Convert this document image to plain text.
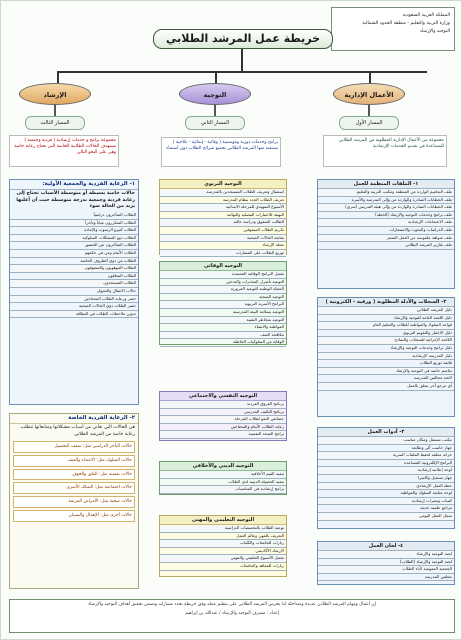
المملكة العربية السعودية
وزارة التربية والتعليم - منطقة الحدود الشمالية
التوجيه والإرشاد
خريطة عمل المرشد الطلابي
الإرشاد	التوجيه	الأعمال الإدارية
المسار الثالث	المسار الثاني	المسار الأول
مجموعة برامج و خدمات إرشادية ( فردية وجمعية ) تستهدف الحالات الطلابية الخاصة التي تحتاج رعاية خاصة وهي على النحو التالي
برامج وخدمات دورية وموسمية ( وقائية - إنمائية - علاجية ) يستفيد منها المرشد الطلابي بجميع شرائح الطلاب دون استثناء
مجموعة من الأعمال الإدارية المطلوبة من المرشد الطلابي للمساعدة في تقديم الخدمات الإرشادية
١- الملفات المنظمة للعمل
ملف التعاميم الواردة من المنطقة ومكتب التربية والتعليم
ملف الخطابات الصادرة والواردة من وإلى المدرسة والأسرة
ملف الخطابات الصادرة والواردة من وإلى هيئة التدريس (سري)
ملف برامج وخدمات التوجيه والإرشاد (الخطة)
ملف الاجتماعات الإرشادية
ملف الدراسات والبحوث والاستمارات
ملف شواهد ملموسة عن العمل المنجز
ملف تقارير المرشد الطلابي
٢- السجلات والأدلة المطلوبة ( ورقية - الكترونية )
دليل المرشد الطلابي
دليل اللجنة العامة للتوجيه والإرشاد
قواعد السلوك والمواظبة للطلاب والتعليم العام
دليل الاختبار والتقويم التربوي
اللائحة الإجرائية للسجلات والنماذج
دليل برامج وخدمات التوجيه والإرشاد
دليل المدرسة الإرشادية
قائمة توزيع الطلاب
تعاميم خاصة في التوجيه والإرشاد
لائحة مجالس المدرسة
أي مرجع آخر يتعلق بالعمل
٣- أدوات العمل
مكتب مستقل ومكان مناسب
جهاز حاسب آلي وطابعة
خزانة مغلقة لحفظ الملفات السرية
البرامج الإلكترونية المساعدة
لوحة إعلانية إرشادية
جهاز تسجيل وكاميرا
خطة العمل الإرشادي
لوحة متابعة السلوك والمواظبة
كتيبات ونشرات إرشادية
مراجع علمية حديثة
سجل العمل اليومي
٤- لجان العمل
لجنة التوجيه والإرشاد
لجنة التوجيه والإرشاد (الطلاب)
الجمعية العمومية لآباء الطلاب
مجلس المدرسة
التوجيه التربوي
استقبال وتعريف الطلاب المستجدين بالمدرسة
تعريف الطلاب الجدد بنظام المدرسة
الأسبوع التمهيدي للمرحلة الابتدائية
التهيئة للاختبارات الفصلية والنهائية
الطالب المتفوق ودراسة حالته
تكريم الطلاب المتفوقين
متابعة الحالات الصحية
مجلة الإرشاد
توزيع الطلاب على المسارات
التوجيه الوقائي
تفعيل البرامج الوقائية المعتمدة
التوعية بأضرار المخدرات والتدخين
الحملة الوطنية للتوعية المرورية
التوعية الصحية
البرامج الأسرية التربوية
التوعية بسلامة البيئة المدرسية
التوعية بمخاطر التقنية
المواطنة والانتماء
مكافحة العنف
الوقاية من السلوكيات الخاطئة
التوجيه النفسي والاجتماعي
برنامج الفروق الفردية
برنامج التكيف المدرسي
خصائص النمو لطلاب المرحلة
رعاية الطلاب الأيتام والمحتاجين
برامج الصحة النفسية
التوجيه الديني والأخلاقي
تنمية القيم الأخلاقية
تنمية الحصيلة الدينية لدى الطلاب
برامج إرشادية في المناسبات
التوجيه التعليمي والمهني
توعية الطلاب بالتخصصات الدراسية
التعريف بالمهن وعالم العمل
زيارات للجامعات والكليات
الإرشاد الأكاديمي
تفعيل الأسبوع التعليمي والمهني
زيارات للمعاهد والجامعات
١- الرعاية الفردية والجمعية الأولية:
حالات خاصة بسيطة أو متوسطة الأسباب تحتاج إلى رعاية فردية وجمعية بدرجة متوسطة حيث أن أغلبها يزيد من الحالة سوء
الطلاب المتأخرون دراسياً
الطلاب المتكررون غياباً وتأخراً
الطلاب كثيرو الرسوب والإعادة
الطلاب ذوو المشكلات السلوكية
الطلاب المتأخرون عن الحضور
الطلاب الأيتام ومن في حكمهم
الطلاب من ذوي الظروف الخاصة
الطلاب الموهوبون والمتفوقون
الطلاب المعاقون
الطلاب المستجدون
حالات الانتقال والتحويل
حصر ورعاية الطلاب المحتاجين
حصر الطلاب ذوي الحالات الصحية
تدوين ملاحظات الطلاب في البطاقة
٢- الرعاية الفردية الخاصة
هي الحالات التي تعاني من أسباب مشكلاتها ومتابعاتها تتطلب رعاية خاصة من المرشد الطلابي
حالات التأخر الدراسي مثل: ضعف التحصيل
حالات السلوك مثل: الاعتداء والعنف
حالات نفسية مثل: القلق والخوف
حالات اجتماعية مثل: التفكك الأسري
حالات صحية مثل: الأمراض المزمنة
حالات أخرى مثل: الإهمال والنسيان
إن أعمال ومهام المرشد الطلابي عديدة ومتداخلة لذا يحرص المرشد الطلابي على تنظيم عمله وفق خريطة تحدد مساراته وتضمن تحقيق أهداف التوجيه والإرشاد
إعداد : مشرف التوجيه والإرشاد / عبدالله بن إبراهيم
